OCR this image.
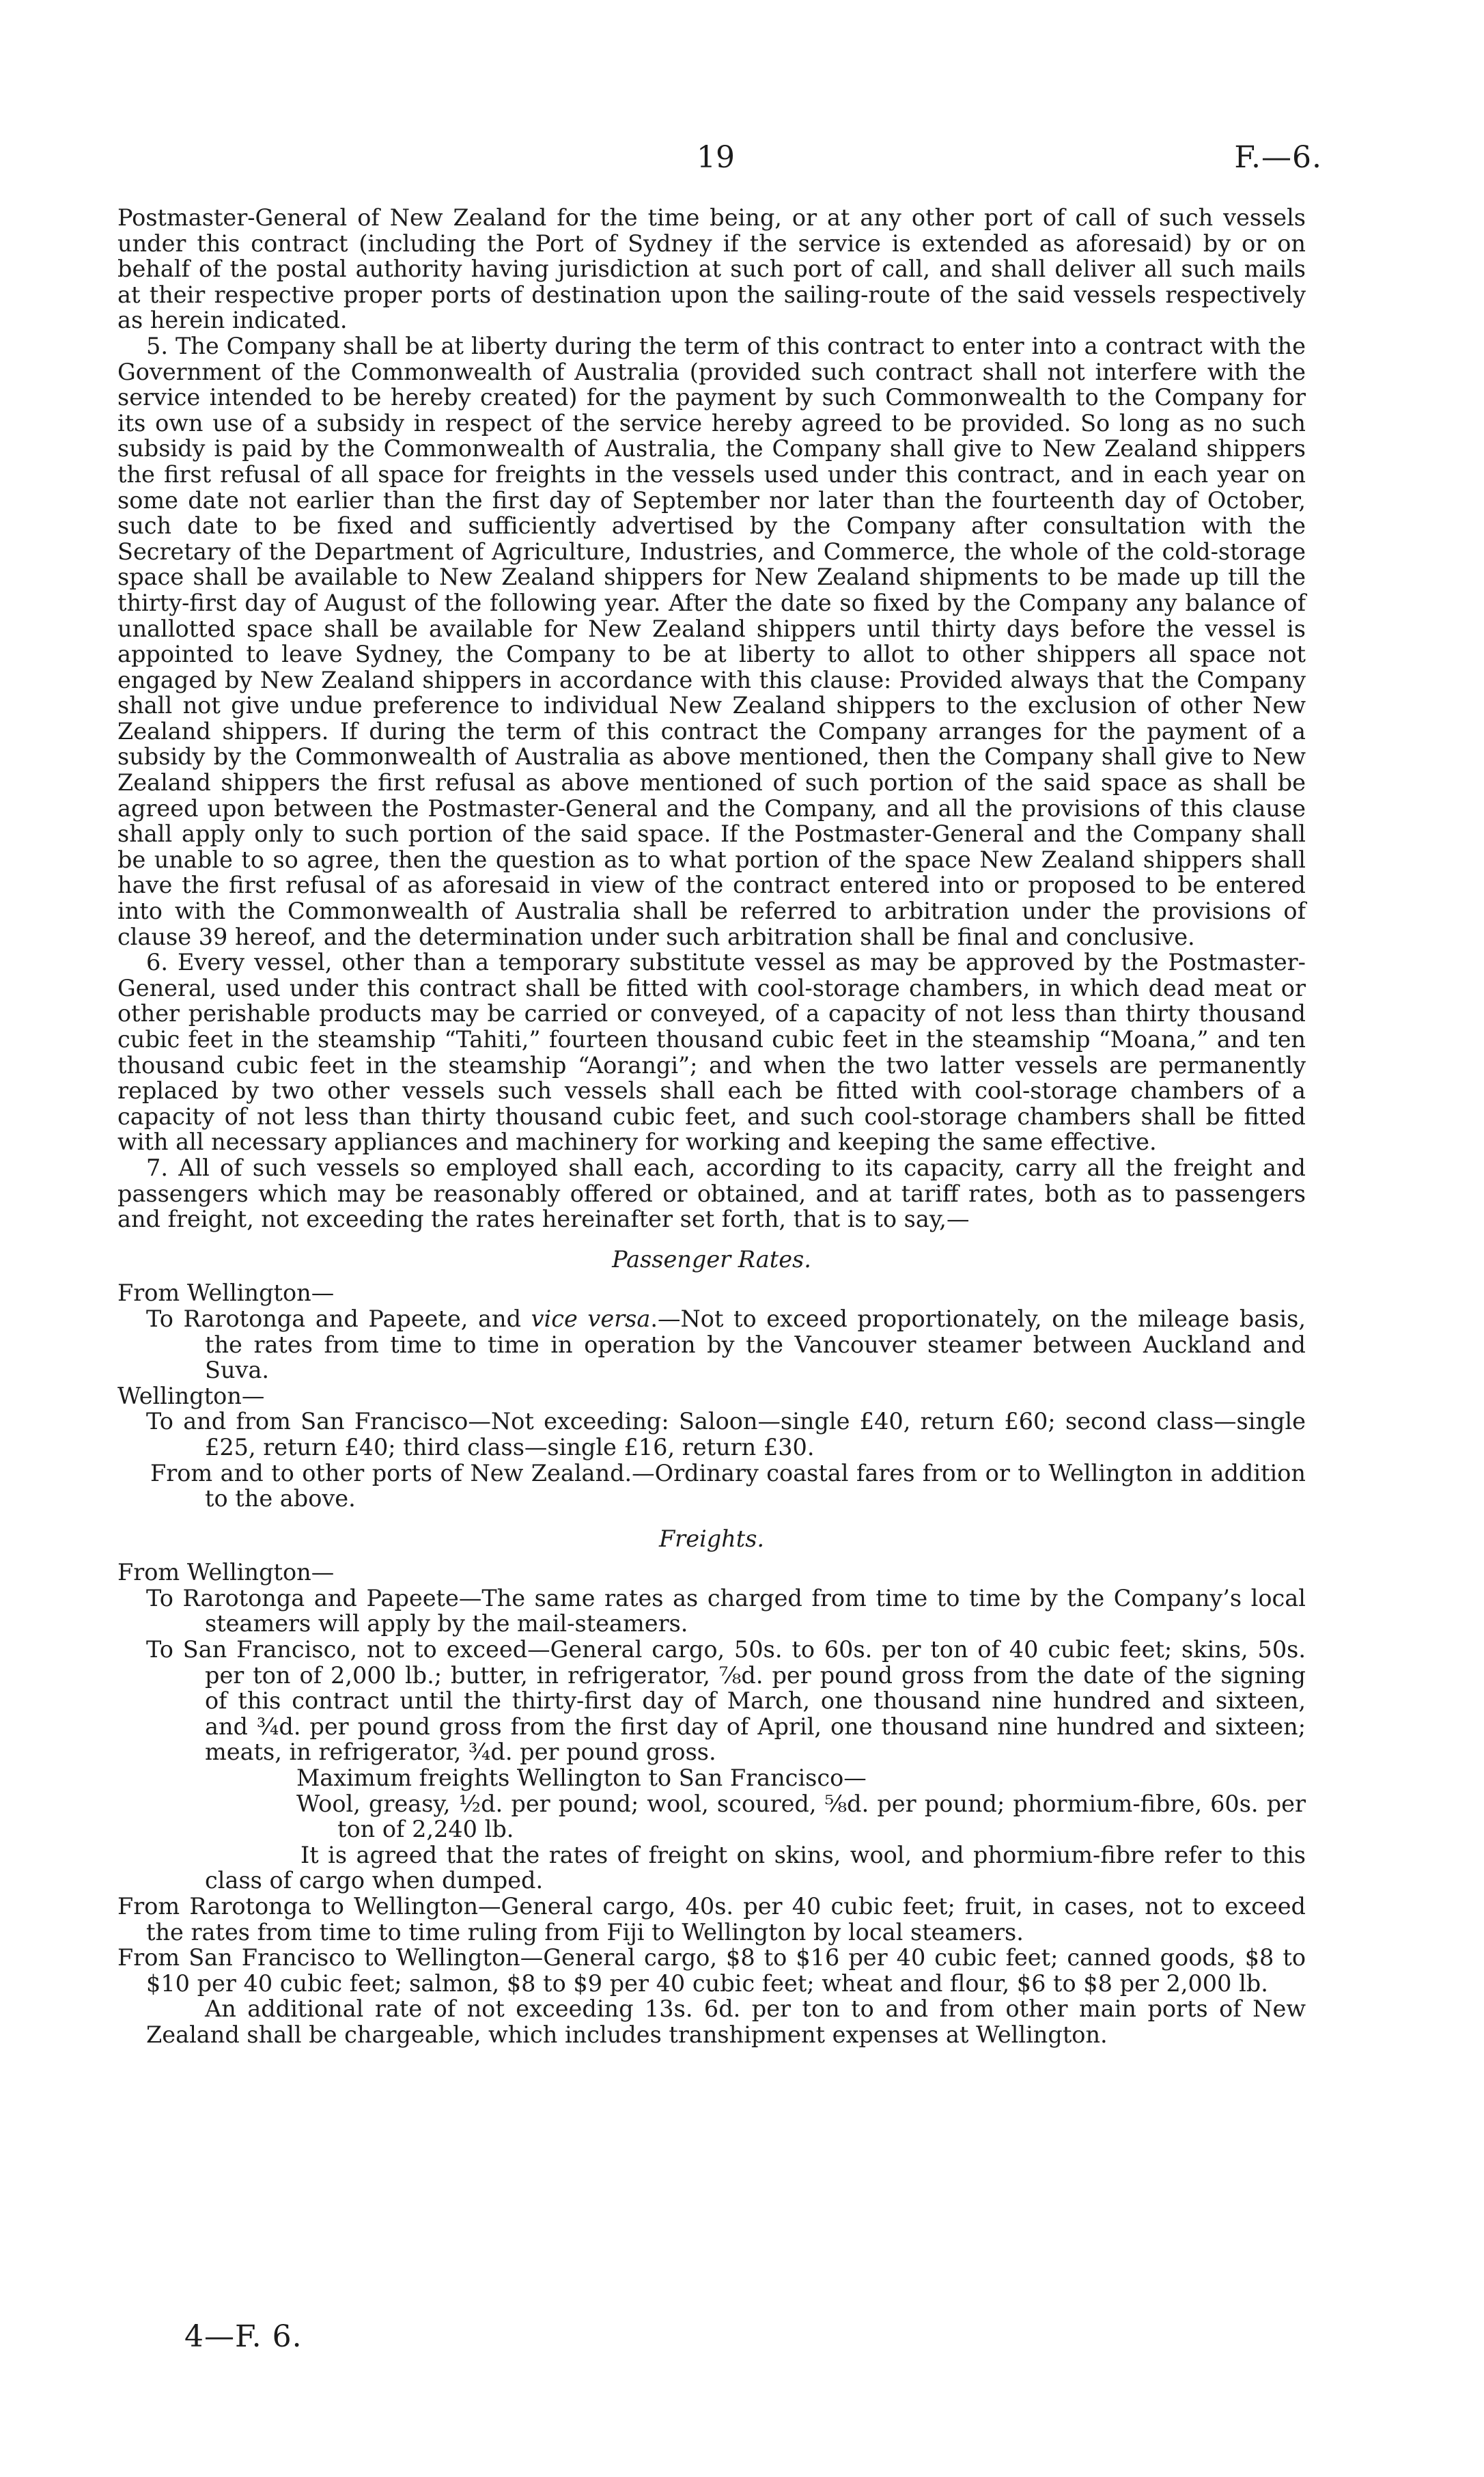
19	F.—6.

Postmaster-General of New Zealand for the time being, or at any other port of call of such vessels under this contract (including the Port of Sydney if the service is extended as aforesaid) by or on behalf of the postal authority having jurisdiction at such port of call, and shall deliver all such mails at their respective proper ports of destination upon the sailing-route of the said vessels respectively as herein indicated.

5. The Company shall be at liberty during the term of this contract to enter into a contract with the Government of the Commonwealth of Australia (provided such contract shall not interfere with the service intended to be hereby created) for the payment by such Commonwealth to the Company for its own use of a subsidy in respect of the service hereby agreed to be provided. So long as no such subsidy is paid by the Commonwealth of Australia, the Company shall give to New Zealand shippers the first refusal of all space for freights in the vessels used under this contract, and in each year on some date not earlier than the first day of September nor later than the fourteenth day of October, such date to be fixed and sufficiently advertised by the Company after consultation with the Secretary of the Department of Agriculture, Industries, and Commerce, the whole of the cold-storage space shall be available to New Zealand shippers for New Zealand shipments to be made up till the thirty-first day of August of the following year. After the date so fixed by the Company any balance of unallotted space shall be available for New Zealand shippers until thirty days before the vessel is appointed to leave Sydney, the Company to be at liberty to allot to other shippers all space not engaged by New Zealand shippers in accordance with this clause: Provided always that the Company shall not give undue preference to individual New Zealand shippers to the exclusion of other New Zealand shippers. If during the term of this contract the Company arranges for the payment of a subsidy by the Commonwealth of Australia as above mentioned, then the Company shall give to New Zealand shippers the first refusal as above mentioned of such portion of the said space as shall be agreed upon between the Postmaster-General and the Company, and all the provisions of this clause shall apply only to such portion of the said space. If the Postmaster-General and the Company shall be unable to so agree, then the question as to what portion of the space New Zealand shippers shall have the first refusal of as aforesaid in view of the contract entered into or proposed to be entered into with the Commonwealth of Australia shall be referred to arbitration under the provisions of clause 39 hereof, and the determination under such arbitration shall be final and conclusive.

6. Every vessel, other than a temporary substitute vessel as may be approved by the Postmaster-General, used under this contract shall be fitted with cool-storage chambers, in which dead meat or other perishable products may be carried or conveyed, of a capacity of not less than thirty thousand cubic feet in the steamship “Tahiti,” fourteen thousand cubic feet in the steamship “Moana,” and ten thousand cubic feet in the steamship “Aorangi”; and when the two latter vessels are permanently replaced by two other vessels such vessels shall each be fitted with cool-storage chambers of a capacity of not less than thirty thousand cubic feet, and such cool-storage chambers shall be fitted with all necessary appliances and machinery for working and keeping the same effective.

7. All of such vessels so employed shall each, according to its capacity, carry all the freight and passengers which may be reasonably offered or obtained, and at tariff rates, both as to passengers and freight, not exceeding the rates hereinafter set forth, that is to say,—

Passenger Rates.

From Wellington—

To Rarotonga and Papeete, and vice versa.—Not to exceed proportionately, on the mileage basis, the rates from time to time in operation by the Vancouver steamer between Auckland and Suva.

Wellington—

To and from San Francisco—Not exceeding: Saloon—single £40, return £60; second class—single £25, return £40; third class—single £16, return £30.

From and to other ports of New Zealand.—Ordinary coastal fares from or to Wellington in addition to the above.

Freights.

From Wellington—

To Rarotonga and Papeete—The same rates as charged from time to time by the Company’s local steamers will apply by the mail-steamers.

To San Francisco, not to exceed—General cargo, 50s. to 60s. per ton of 40 cubic feet; skins, 50s. per ton of 2,000 lb.; butter, in refrigerator, ⅞d. per pound gross from the date of the signing of this contract until the thirty-first day of March, one thousand nine hundred and sixteen, and ¾d. per pound gross from the first day of April, one thousand nine hundred and sixteen; meats, in refrigerator, ¾d. per pound gross.

Maximum freights Wellington to San Francisco—

Wool, greasy, ½d. per pound; wool, scoured, ⅝d. per pound; phormium-fibre, 60s. per ton of 2,240 lb.

It is agreed that the rates of freight on skins, wool, and phormium-fibre refer to this class of cargo when dumped.

From Rarotonga to Wellington—General cargo, 40s. per 40 cubic feet; fruit, in cases, not to exceed the rates from time to time ruling from Fiji to Wellington by local steamers.

From San Francisco to Wellington—General cargo, $8 to $16 per 40 cubic feet; canned goods, $8 to $10 per 40 cubic feet; salmon, $8 to $9 per 40 cubic feet; wheat and flour, $6 to $8 per 2,000 lb.

An additional rate of not exceeding 13s. 6d. per ton to and from other main ports of New Zealand shall be chargeable, which includes transhipment expenses at Wellington.

4—F. 6.
